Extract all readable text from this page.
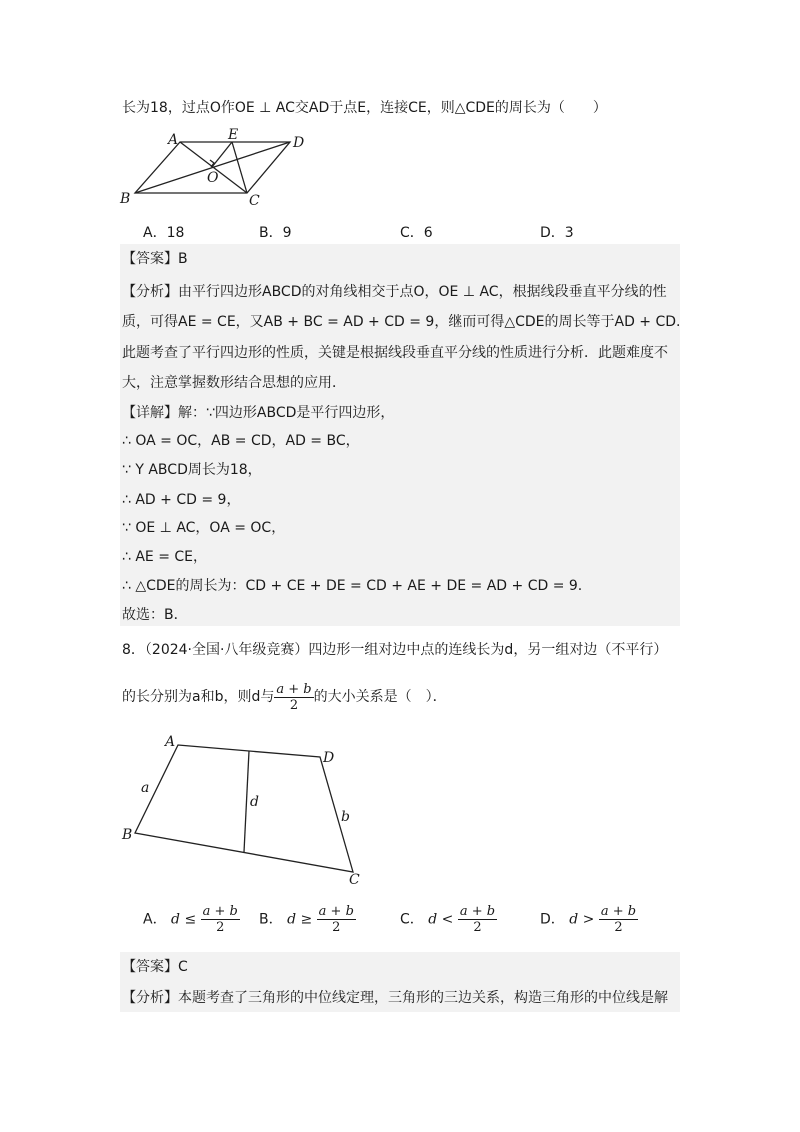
长为18，过点O作OE ⊥ AC交AD于点E，连接CE，则△CDE的周长为（　　）
A	E	D
O
B	C
A．18	B．9	C．6	D．3
【答案】B
【分析】由平行四边形ABCD的对角线相交于点O，OE ⊥ AC，根据线段垂直平分线的性
质，可得AE = CE，又AB + BC = AD + CD = 9，继而可得△CDE的周长等于AD + CD.
此题考查了平行四边形的性质，关键是根据线段垂直平分线的性质进行分析．此题难度不
大，注意掌握数形结合思想的应用．
【详解】解：∵四边形ABCD是平行四边形，
∴ OA = OC，AB = CD，AD = BC，
∵ Y ABCD周长为18，
∴ AD + CD = 9，
∵ OE ⊥ AC，OA = OC，
∴ AE = CE，
∴ △CDE的周长为：CD + CE + DE = CD + AE + DE = AD + CD = 9.
故选：B．
8．（2024·全国·八年级竞赛）四边形一组对边中点的连线长为d，另一组对边（不平行）
的长分别为a和b，则d与 $\frac{a + b}{2}$ 的大小关系是（　）．
A
D
a
d
b
B
C
A． $d \le \frac{a + b}{2}$ B． $d \ge \frac{a + b}{2}$	C． $d < \frac{a + b}{2}$	D． $d > \frac{a + b}{2}$
【答案】C
【分析】本题考查了三角形的中位线定理，三角形的三边关系，构造三角形的中位线是解
